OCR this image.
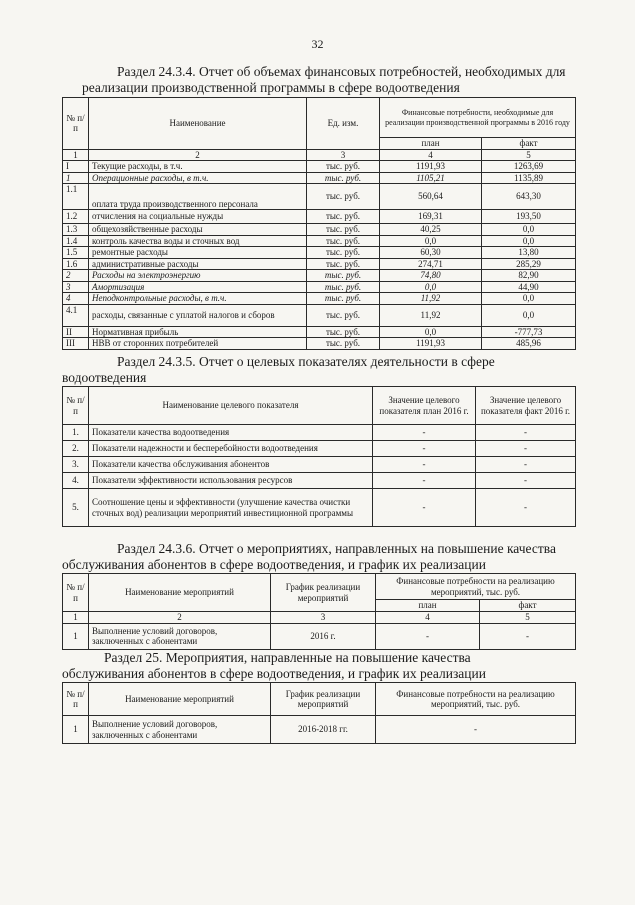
32
Раздел 24.3.4. Отчет об объемах финансовых потребностей, необходимых для
реализации производственной программы в сфере водоотведения
№ п/п	Наименование	Ед. изм.	Финансовые потребности, необходимые для реализации производственной программы в 2016 году	
			план	факт
1	2	3	4	5
I	Текущие расходы, в т.ч.	тыс. руб.	1191,93	1263,69
1	Операционные расходы, в т.ч.	тыс. руб.	1105,21	1135,89
1.1	оплата труда производственного персонала	тыс. руб.	560,64	643,30
1.2	отчисления на социальные нужды	тыс. руб.	169,31	193,50
1.3	общехозяйственные расходы	тыс. руб.	40,25	0,0
1.4	контроль качества воды и сточных вод	тыс. руб.	0,0	0,0
1.5	ремонтные расходы	тыс. руб.	60,30	13,80
1.6	административные расходы	тыс. руб.	274,71	285,29
2	Расходы на электроэнергию	тыс. руб.	74,80	82,90
3	Амортизация	тыс. руб.	0,0	44,90
4	Неподконтрольные расходы, в т.ч.	тыс. руб.	11,92	0,0
4.1	расходы, связанные с уплатой налогов и сборов	тыс. руб.	11,92	0,0
II	Нормативная прибыль	тыс. руб.	0,0	-777,73
III	НВВ от сторонних потребителей	тыс. руб.	1191,93	485,96
Раздел 24.3.5. Отчет о целевых показателях деятельности в сфере
водоотведения
№ п/п	Наименование целевого показателя	Значение целевого показателя план 2016 г.	Значение целевого показателя факт 2016 г.
1.	Показатели качества водоотведения	-	-
2.	Показатели надежности и бесперебойности водоотведения	-	-
3.	Показатели качества обслуживания абонентов	-	-
4.	Показатели эффективности использования ресурсов	-	-
5.	Соотношение цены и эффективности (улучшение качества очистки сточных вод) реализации мероприятий инвестиционной программы	-	-
Раздел 24.3.6. Отчет о мероприятиях, направленных на повышение качества
обслуживания абонентов в сфере водоотведения, и график их реализации
№ п/п	Наименование мероприятий	График реализации мероприятий	Финансовые потребности на реализацию мероприятий, тыс. руб.	
			план	факт
1	2	3	4	5
1	Выполнение условий договоров, заключенных с абонентами	2016 г.	-	-
Раздел 25. Мероприятия, направленные на повышение качества
обслуживания абонентов в сфере водоотведения, и график их реализации
№ п/п	Наименование мероприятий	График реализации мероприятий	Финансовые потребности на реализацию мероприятий, тыс. руб.
1	Выполнение условий договоров, заключенных с абонентами	2016-2018 гг.	-
